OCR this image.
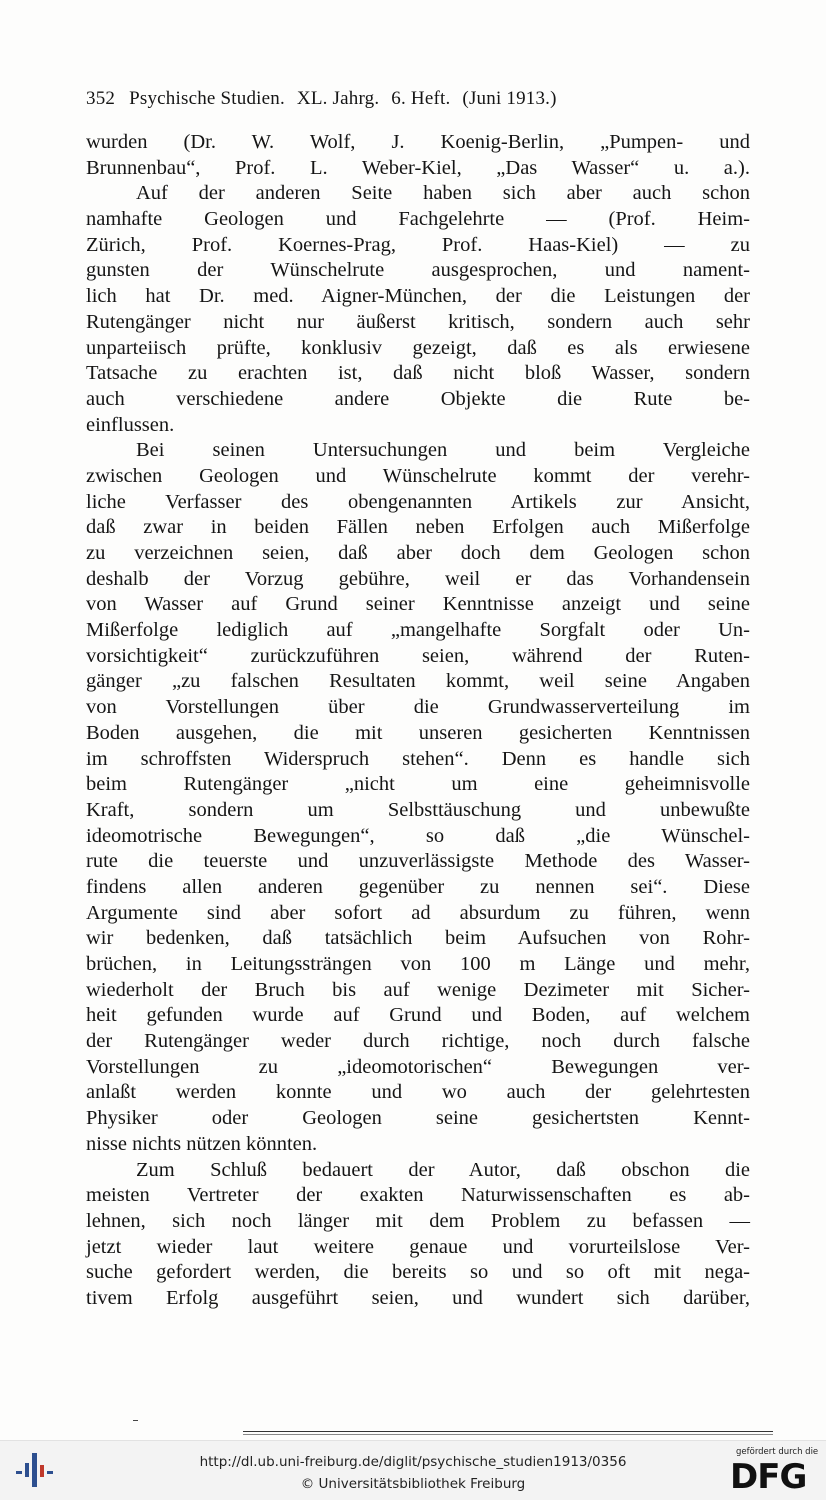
352 Psychische Studien. XL. Jahrg. 6. Heft. (Juni 1913.)
wurden (Dr. W. Wolf, J. Koenig-Berlin, „Pumpen- und
Brunnenbau“, Prof. L. Weber-Kiel, „Das Wasser“ u. a.).
Auf der anderen Seite haben sich aber auch schon
namhafte Geologen und Fachgelehrte — (Prof. Heim-
Zürich, Prof. Koernes-Prag, Prof. Haas-Kiel) — zu
gunsten der Wünschelrute ausgesprochen, und nament-
lich hat Dr. med. Aigner-München, der die Leistungen der
Rutengänger nicht nur äußerst kritisch, sondern auch sehr
unparteiisch prüfte, konklusiv gezeigt, daß es als erwiesene
Tatsache zu erachten ist, daß nicht bloß Wasser, sondern
auch verschiedene andere Objekte die Rute be-
einflussen.
Bei seinen Untersuchungen und beim Vergleiche
zwischen Geologen und Wünschelrute kommt der verehr-
liche Verfasser des obengenannten Artikels zur Ansicht,
daß zwar in beiden Fällen neben Erfolgen auch Mißerfolge
zu verzeichnen seien, daß aber doch dem Geologen schon
deshalb der Vorzug gebühre, weil er das Vorhandensein
von Wasser auf Grund seiner Kenntnisse anzeigt und seine
Mißerfolge lediglich auf „mangelhafte Sorgfalt oder Un-
vorsichtigkeit“ zurückzuführen seien, während der Ruten-
gänger „zu falschen Resultaten kommt, weil seine Angaben
von Vorstellungen über die Grundwasserverteilung im
Boden ausgehen, die mit unseren gesicherten Kenntnissen
im schroffsten Widerspruch stehen“. Denn es handle sich
beim Rutengänger „nicht um eine geheimnisvolle
Kraft, sondern um Selbsttäuschung und unbewußte
ideomotrische Bewegungen“, so daß „die Wünschel-
rute die teuerste und unzuverlässigste Methode des Wasser-
findens allen anderen gegenüber zu nennen sei“. Diese
Argumente sind aber sofort ad absurdum zu führen, wenn
wir bedenken, daß tatsächlich beim Aufsuchen von Rohr-
brüchen, in Leitungssträngen von 100 m Länge und mehr,
wiederholt der Bruch bis auf wenige Dezimeter mit Sicher-
heit gefunden wurde auf Grund und Boden, auf welchem
der Rutengänger weder durch richtige, noch durch falsche
Vorstellungen zu „ideomotorischen“ Bewegungen ver-
anlaßt werden konnte und wo auch der gelehrtesten
Physiker oder Geologen seine gesichertsten Kennt-
nisse nichts nützen könnten.
Zum Schluß bedauert der Autor, daß obschon die
meisten Vertreter der exakten Naturwissenschaften es ab-
lehnen, sich noch länger mit dem Problem zu befassen —
jetzt wieder laut weitere genaue und vorurteilslose Ver-
suche gefordert werden, die bereits so und so oft mit nega-
tivem Erfolg ausgeführt seien, und wundert sich darüber,
http://dl.ub.uni-freiburg.de/diglit/psychische_studien1913/0356
© Universitätsbibliothek Freiburg
gefördert durch die
DFG
